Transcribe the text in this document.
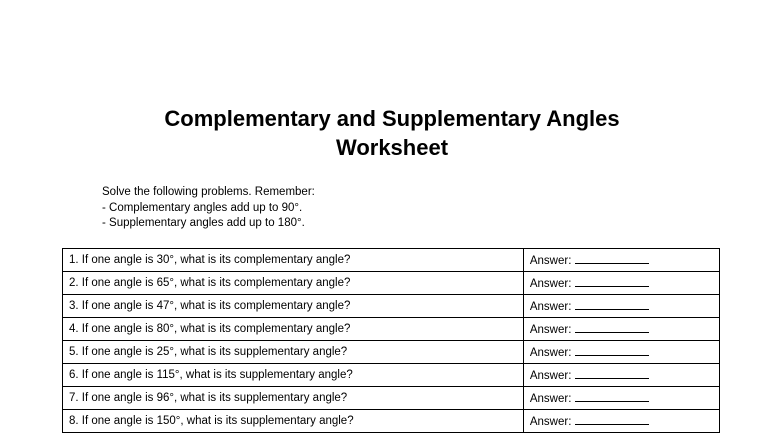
Complementary and Supplementary Angles
Worksheet
Solve the following problems. Remember:
- Complementary angles add up to 90°.
- Supplementary angles add up to 180°.
1. If one angle is 30°, what is its complementary angle?	Answer:
2. If one angle is 65°, what is its complementary angle?	Answer:
3. If one angle is 47°, what is its complementary angle?	Answer:
4. If one angle is 80°, what is its complementary angle?	Answer:
5. If one angle is 25°, what is its supplementary angle?	Answer:
6. If one angle is 115°, what is its supplementary angle?	Answer:
7. If one angle is 96°, what is its supplementary angle?	Answer:
8. If one angle is 150°, what is its supplementary angle?	Answer:
